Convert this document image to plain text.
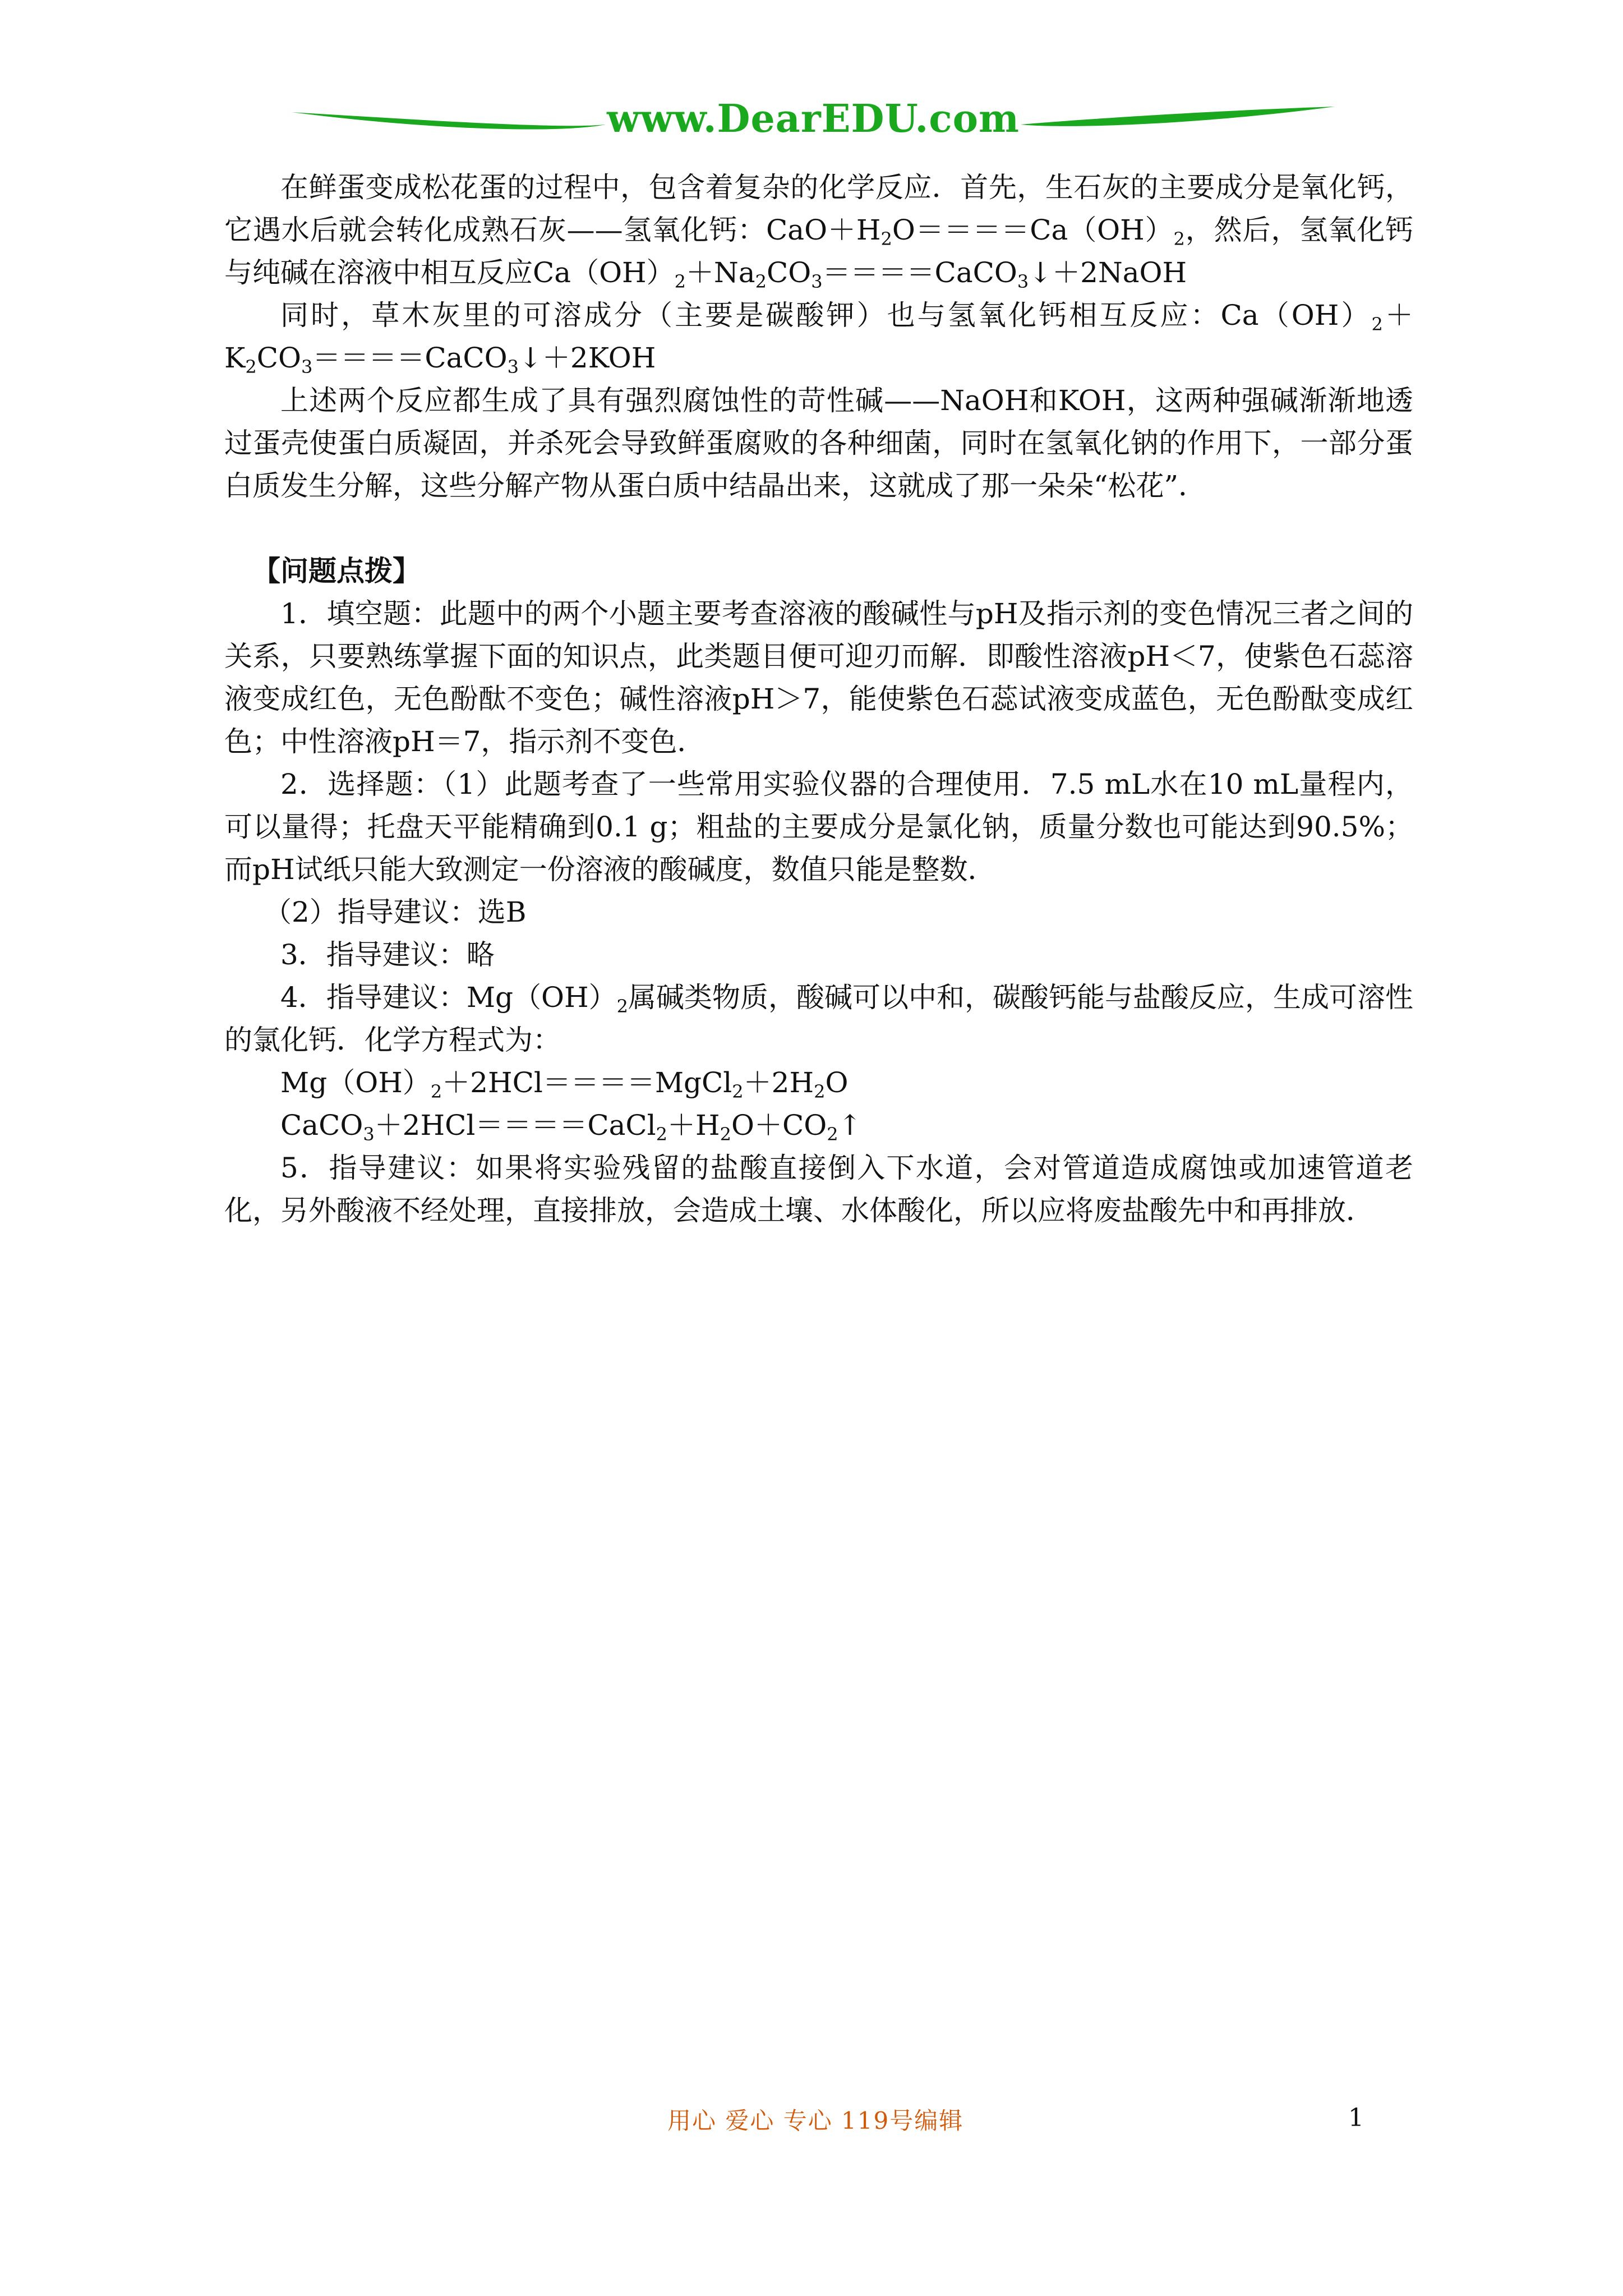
www.DearEDU.com

在鲜蛋变成松花蛋的过程中，包含着复杂的化学反应．首先，生石灰的主要成分是氧化钙，它遇水后就会转化成熟石灰——氢氧化钙：$CaO+H_2O====Ca(OH)_2$，然后，氢氧化钙与纯碱在溶液中相互反应$Ca(OH)_2+Na_2CO_3====CaCO_3↓+2NaOH$

同时，草木灰里的可溶成分（主要是碳酸钾）也与氢氧化钙相互反应：$Ca(OH)_2+K_2CO_3====CaCO_3↓+2KOH$

上述两个反应都生成了具有强烈腐蚀性的苛性碱——NaOH和KOH，这两种强碱渐渐地透过蛋壳使蛋白质凝固，并杀死会导致鲜蛋腐败的各种细菌，同时在氢氧化钠的作用下，一部分蛋白质发生分解，这些分解产物从蛋白质中结晶出来，这就成了那一朵朵“松花”．

【问题点拨】

1．填空题：此题中的两个小题主要考查溶液的酸碱性与pH及指示剂的变色情况三者之间的关系，只要熟练掌握下面的知识点，此类题目便可迎刃而解．即酸性溶液pH＜7，使紫色石蕊溶液变成红色，无色酚酞不变色；碱性溶液pH＞7，能使紫色石蕊试液变成蓝色，无色酚酞变成红色；中性溶液pH＝7，指示剂不变色．

2．选择题：（1）此题考查了一些常用实验仪器的合理使用．7.5 mL水在10 mL量程内，可以量得；托盘天平能精确到0.1 g；粗盐的主要成分是氯化钠，质量分数也可能达到90.5%；而pH试纸只能大致测定一份溶液的酸碱度，数值只能是整数．

（2）指导建议：选B

3．指导建议：略

4．指导建议：$Mg(OH)_2$属碱类物质，酸碱可以中和，碳酸钙能与盐酸反应，生成可溶性的氯化钙．化学方程式为：

$Mg(OH)_2+2HCl====MgCl_2+2H_2O$

$CaCO_3+2HCl====CaCl_2+H_2O+CO_2↑$

5．指导建议：如果将实验残留的盐酸直接倒入下水道，会对管道造成腐蚀或加速管道老化，另外酸液不经处理，直接排放，会造成土壤、水体酸化，所以应将废盐酸先中和再排放．

用心 爱心 专心 119号编辑	1
